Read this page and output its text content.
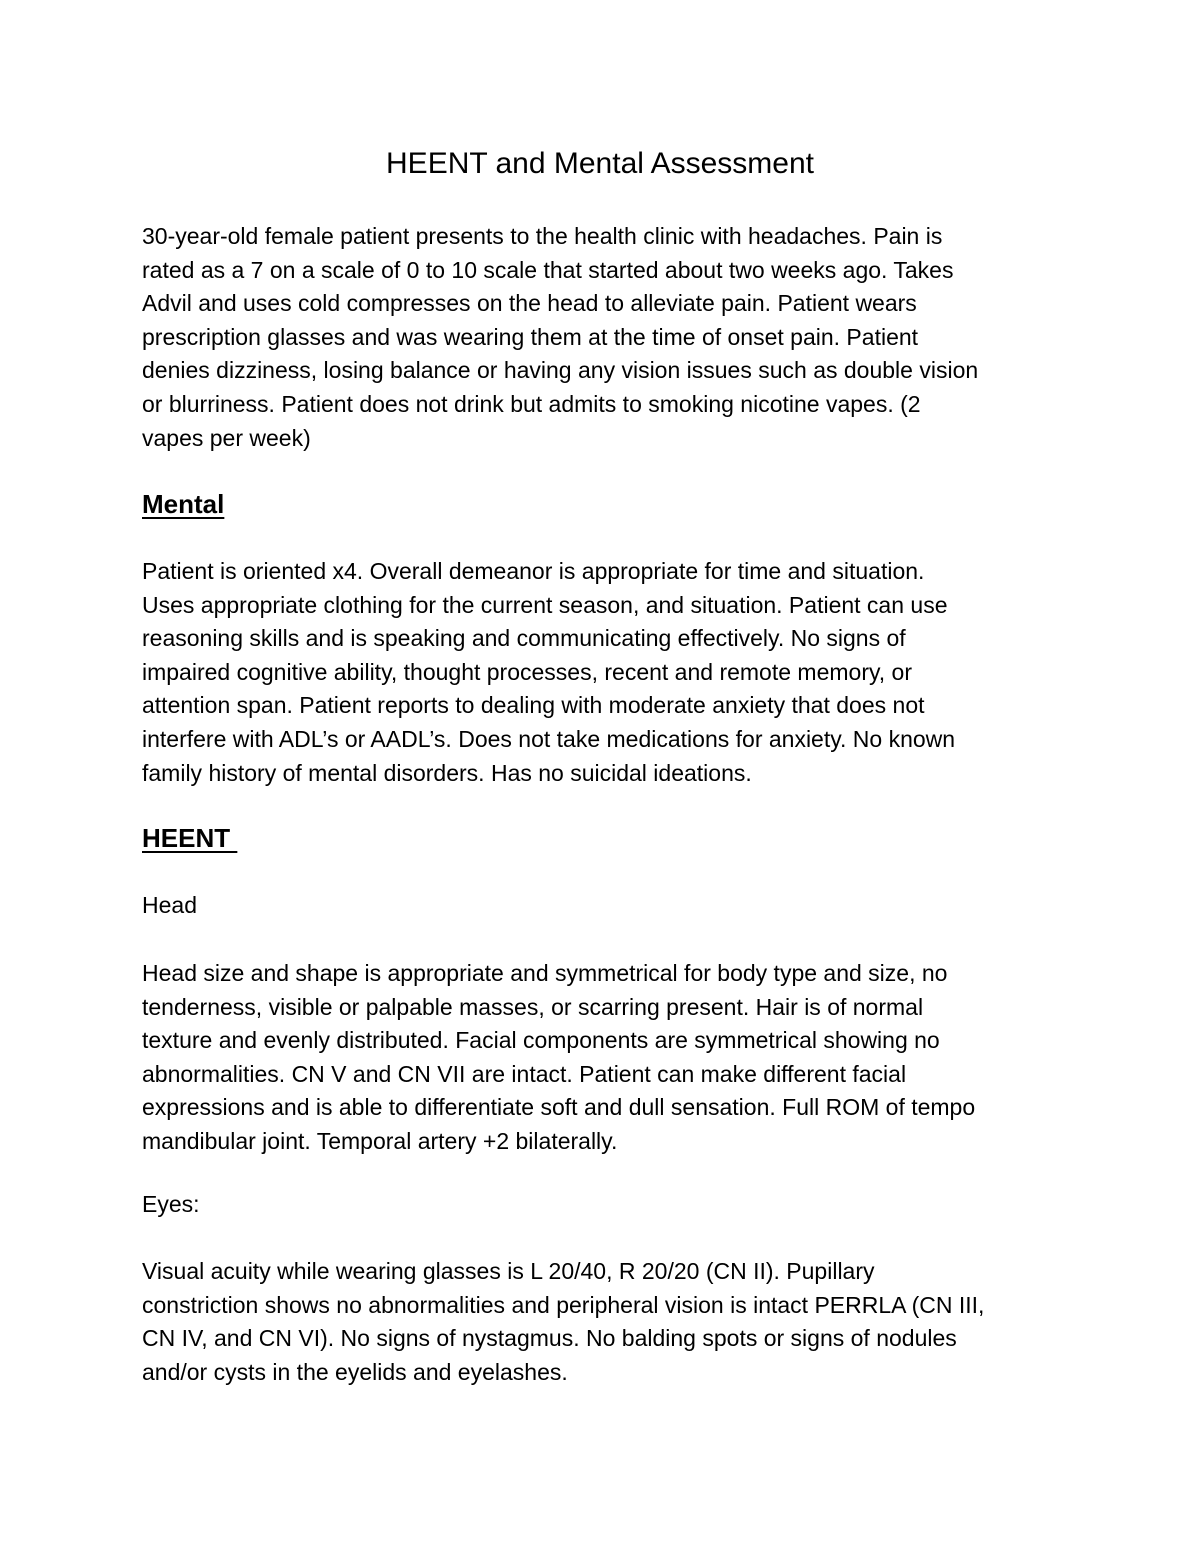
HEENT and Mental Assessment

30-year-old female patient presents to the health clinic with headaches. Pain is
rated as a 7 on a scale of 0 to 10 scale that started about two weeks ago. Takes
Advil and uses cold compresses on the head to alleviate pain. Patient wears
prescription glasses and was wearing them at the time of onset pain. Patient
denies dizziness, losing balance or having any vision issues such as double vision
or blurriness. Patient does not drink but admits to smoking nicotine vapes. (2
vapes per week)

Mental

Patient is oriented x4. Overall demeanor is appropriate for time and situation.
Uses appropriate clothing for the current season, and situation. Patient can use
reasoning skills and is speaking and communicating effectively. No signs of
impaired cognitive ability, thought processes, recent and remote memory, or
attention span. Patient reports to dealing with moderate anxiety that does not
interfere with ADL’s or AADL’s. Does not take medications for anxiety. No known
family history of mental disorders. Has no suicidal ideations.

HEENT

Head

Head size and shape is appropriate and symmetrical for body type and size, no
tenderness, visible or palpable masses, or scarring present. Hair is of normal
texture and evenly distributed. Facial components are symmetrical showing no
abnormalities. CN V and CN VII are intact. Patient can make different facial
expressions and is able to differentiate soft and dull sensation. Full ROM of tempo
mandibular joint. Temporal artery +2 bilaterally.

Eyes:

Visual acuity while wearing glasses is L 20/40, R 20/20 (CN II). Pupillary
constriction shows no abnormalities and peripheral vision is intact PERRLA (CN III,
CN IV, and CN VI). No signs of nystagmus. No balding spots or signs of nodules
and/or cysts in the eyelids and eyelashes.
